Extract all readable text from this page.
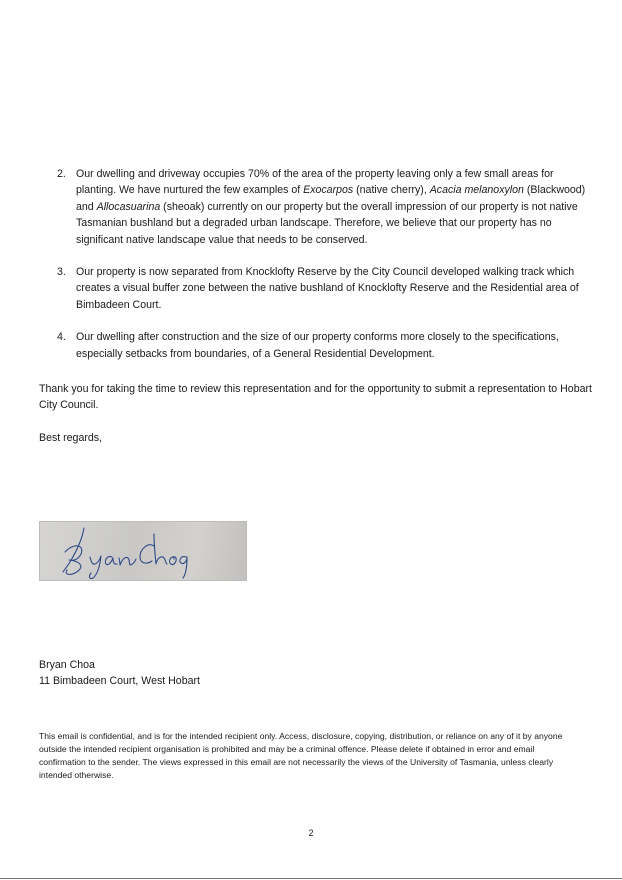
2. Our dwelling and driveway occupies 70% of the area of the property leaving only a few small areas for planting. We have nurtured the few examples of Exocarpos (native cherry), Acacia melanoxylon (Blackwood) and Allocasuarina (sheoak) currently on our property but the overall impression of our property is not native Tasmanian bushland but a degraded urban landscape. Therefore, we believe that our property has no significant native landscape value that needs to be conserved.
3. Our property is now separated from Knocklofty Reserve by the City Council developed walking track which creates a visual buffer zone between the native bushland of Knocklofty Reserve and the Residential area of Bimbadeen Court.
4. Our dwelling after construction and the size of our property conforms more closely to the specifications, especially setbacks from boundaries, of a General Residential Development.

Thank you for taking the time to review this representation and for the opportunity to submit a representation to Hobart City Council.

Best regards,

Bryan Choa
11 Bimbadeen Court, West Hobart

This email is confidential, and is for the intended recipient only. Access, disclosure, copying, distribution, or reliance on any of it by anyone outside the intended recipient organisation is prohibited and may be a criminal offence. Please delete if obtained in error and email confirmation to the sender. The views expressed in this email are not necessarily the views of the University of Tasmania, unless clearly intended otherwise.

2
